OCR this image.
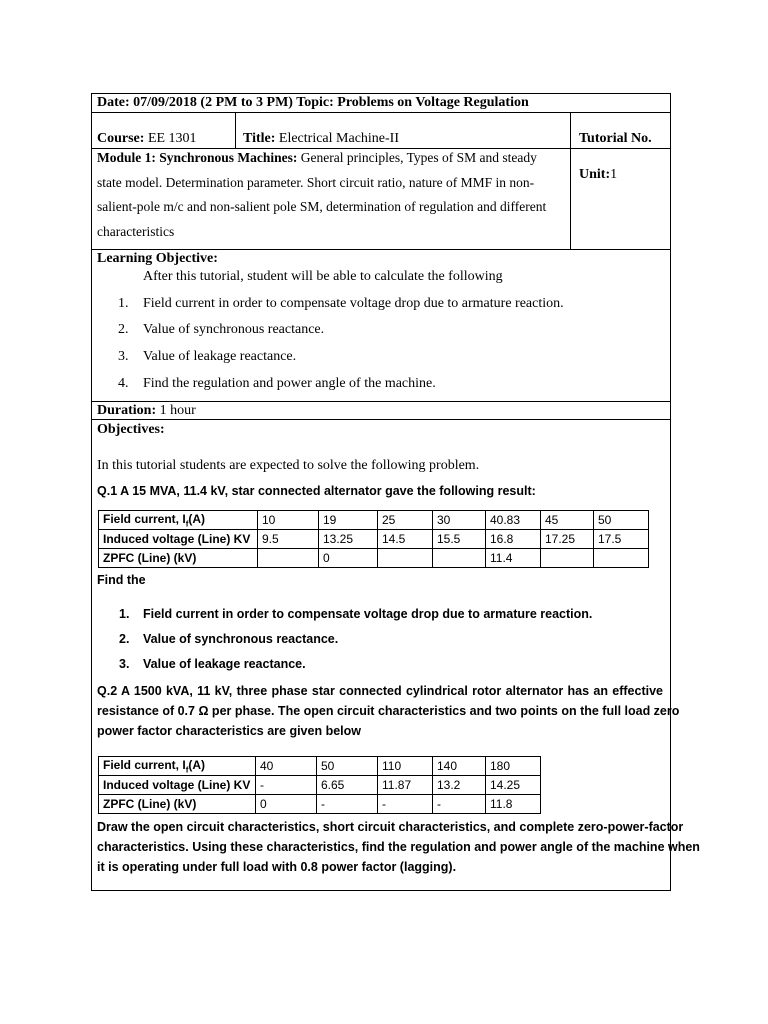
Date: 07/09/2018 (2 PM to 3 PM) Topic: Problems on Voltage Regulation
Course: EE 1301	Title: Electrical Machine-II	Tutorial No.
Module 1: Synchronous Machines: General principles, Types of SM and steady
state model. Determination parameter. Short circuit ratio, nature of MMF in non-
salient-pole m/c and non-salient pole SM, determination of regulation and different
characteristics
Unit:1
Learning Objective:
After this tutorial, student will be able to calculate the following
1. Field current in order to compensate voltage drop due to armature reaction.
2. Value of synchronous reactance.
3. Value of leakage reactance.
4. Find the regulation and power angle of the machine.
Duration: 1 hour
Objectives:
In this tutorial students are expected to solve the following problem.
Q.1 A 15 MVA, 11.4 kV, star connected alternator gave the following result:
Field current, $I_f(A)$	10	19	25	30	40.83	45	50
Induced voltage (Line) KV	9.5	13.25	14.5	15.5	16.8	17.25	17.5
ZPFC (Line) (kV)		0			11.4		
Find the
1. Field current in order to compensate voltage drop due to armature reaction.
2. Value of synchronous reactance.
3. Value of leakage reactance.
Q.2 A 1500 kVA, 11 kV, three phase star connected cylindrical rotor alternator has an effective
resistance of 0.7 Ω per phase. The open circuit characteristics and two points on the full load zero
power factor characteristics are given below
Field current, $I_f(A)$	40	50	110	140	180
Induced voltage (Line) KV	-	6.65	11.87	13.2	14.25
ZPFC (Line) (kV)	0	-	-	-	11.8
Draw the open circuit characteristics, short circuit characteristics, and complete zero-power-factor
characteristics. Using these characteristics, find the regulation and power angle of the machine when
it is operating under full load with 0.8 power factor (lagging).
